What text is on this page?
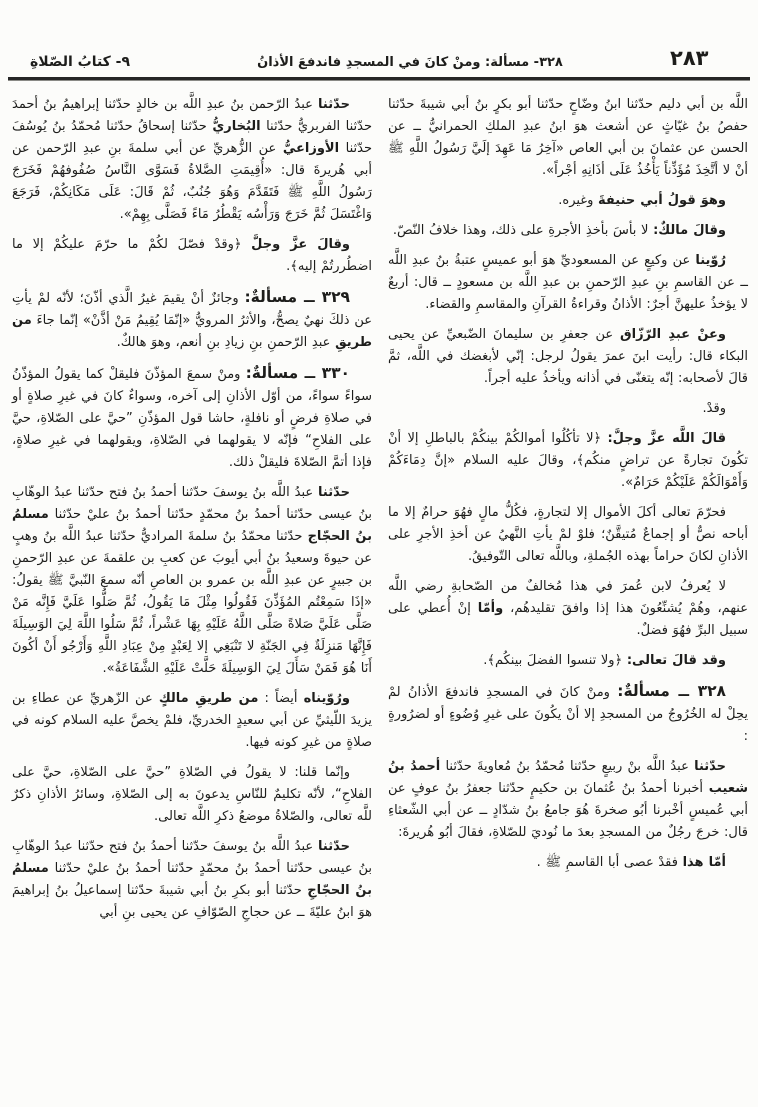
٢٨٣
٣٢٨- مسألة: ومنْ كانَ في المسجدِ فاندفعَ الأذانُ
٩- كتابُ الصّلاةِ

اللَّه بن أبي دليم حدّثنا ابنُ وضّاحٍ حدّثنا أبو بكرٍ بنُ أبي شيبةَ حدّثنا حفصُ بنُ غيّاثٍ عن أشعث هوَ ابنُ عبدِ الملكِ الحمرانيُّ ــ عن الحسن عن عثمانَ بن أبي العاص «آخِرُ مَا عَهِدَ إلَيَّ رَسُولُ اللَّهِ ﷺ أنْ لا أتَّخِذَ مُؤَذِّناً يَأْخُذُ عَلَى أذَانِهِ أجْراً».

وهوَ قولُ أبي حنيفةَ وغيره.

وقالَ مالكٌ: لا بأسَ بأخذِ الأجرةِ على ذلك، وهذا خلافُ النّصّ.

رُوّينا عن وكيعٍ عن المسعوديِّ هوَ أبو عميسٍ عتبةُ بنُ عبدِ اللَّه ــ عن القاسمِ بنِ عبدِ الرّحمنِ بن عبدِ اللَّه بن مسعودٍ ــ قال: أربعٌ لا يؤخذُ عليهنَّ أجرٌ: الأذانُ وقراءةُ القرآنِ والمقاسمِ والقضاء.

وعنْ عبدِ الرّزّاق عن جعفرِ بن سليمانَ الضّبعيِّ عن يحيى البكاء قال: رأيت ابنَ عمرَ يقولُ لرجل: إنّي لأبغضك في اللَّه، ثمَّ قالَ لأصحابه: إنّه يتغنّى في أذانه ويأخذُ عليه أجراً.

وقدْ.

قالَ اللَّه عزَّ وجلَّ: ﴿لا تأكُلُوا أموالكُمْ بينكُمْ بالباطلِ إلا أنْ تكُونَ تجارةً عن تراضٍ منكُم﴾، وقالَ عليه السلام «إنَّ دِمَاءَكُمْ وَأَمْوَالَكُمْ عَلَيْكُمْ حَرَامٌ».

فحرّمَ تعالى أكلَ الأموال إلا لتجارةٍ، فكُلُّ مالٍ فهُوَ حرامٌ إلا ما أباحه نصٌّ أو إجماعٌ مُتيقَّنٌ؛ فلوْ لمْ يأتِ النَّهيُ عن أخذِ الأجرِ على الأذانِ لكانَ حراماً بهذه الجُملةِ، وباللَّه تعالى التّوفيقُ.

لا يُعرفُ لابن عُمرَ في هذا مُخالفٌ من الصّحابةِ رضي اللَّه عنهم، وهُمْ يُشنِّعُونَ هذا إذا وافقَ تقليدهُم، وأمّا إنْ أُعطي على سبيل البرِّ فهُوَ فضلٌ.

وقد قالَ تعالى: ﴿ولا تنسوا الفضلَ بينكُم﴾.

٣٢٨ ــ مسألةٌ: ومنْ كانَ في المسجدِ فاندفعَ الأذانُ لمْ يحِلْ له الخُرُوجُ من المسجدِ إلا أنْ يكُونَ على غيرِ وُضُوءٍ أو لضرُورةٍ :

حدّثنا عبدُ اللَّه بنْ ربيعٍ حدّثنا مُحمّدُ بنُ مُعاويةَ حدّثنا أحمدُ بنُ شعيب أخبرنا أحمدُ بنُ عُثمانَ بن حكيمٍ حدّثنا جعفرُ بنُ عوفٍ عن أبي عُميسٍ أخْبرنا أبُو صخرةَ هُوَ جامعُ بنُ شدّادٍ ــ عن أبي الشّعثاءِ قال: خرجَ رجُلٌ من المسجدِ بعدَ ما نُوديَ للصّلاةِ، فقالَ أبُو هُريرةَ:

أمّا هذا فقدْ عصى أبا القاسمِ ﷺ .

حدّثنا عبدُ الرّحمن بنُ عبدِ اللَّه بن خالدٍ حدّثنا إبراهيمُ بنُ أحمدَ حدّثنا الفربريُّ حدّثنا البُخاريُّ حدّثنا إسحاقُ حدّثنا مُحمّدُ بنُ يُوسُفَ حدّثنا الأوزاعيُّ عن الزُّهريِّ عن أبي سلمةَ بنِ عبدِ الرّحمن عن أبي هُريرةَ قال: «أُقِيمَتِ الصَّلاةُ فَسَوَّى النَّاسُ صُفُوفهُمْ فَخَرَجَ رَسُولُ اللَّهِ ﷺ فَتَقَدَّمَ وَهُوَ جُنُبٌ، ثُمْ قَالَ: عَلَى مَكَانِكُمْ، فَرَجَعَ وَاغْتَسَلَ ثُمَّ خَرَجَ وَرَأْسُه يَقْطُرُ مَاءً فَصَلَّى بِهِمْ».

وقالَ عزَّ وجلَّ ﴿وقدْ فصّلَ لكُمْ ما حرّمَ عليكُمْ إلا ما اضطُررتُمْ إليه﴾.

٣٢٩ ــ مسألةٌ: وجائزٌ أنْ يقيمَ غيرُ الَّذي أذّنَ؛ لأنّه لمْ يأتِ عن ذلكَ نهيٌ يصحُّ، والأثرُ المرويُّ «إنّمَا يُقِيمُ مَنْ أذَّنْ» إنّما جاءَ من طريقِ عبدِ الرّحمنِ بنِ زيادِ بنِ أنعم، وهوَ هالكٌ.

٣٣٠ ــ مسألةٌ: ومنْ سمعَ المؤذّنَ فليقلْ كما يقولُ المؤذّنُ سواءً سواءً، من أوّل الأذانِ إلى آخره، وسواءٌ كانَ في غيرِ صلاةٍ أو في صلاةِ فرضٍ أو نافلةٍ، حاشا قول المؤذّنِ ”حيَّ على الصّلاةِ، حيَّ على الفلاحِ“ فإنّه لا يقولهما في الصّلاةِ، ويقولهما في غيرِ صلاةٍ، فإذا أتمَّ الصّلاةَ فليقلْ ذلك.

حدّثنا عبدُ اللَّه بنُ يوسفَ حدّثنا أحمدُ بنُ فتح حدّثنا عبدُ الوهّابِ بنُ عيسى حدّثنا أحمدُ بنُ محمّدٍ حدّثنا أحمدُ بنُ عليْ حدّثنا مسلمُ بنُ الحجّاج حدّثنا محمّدُ بنُ سلمةَ المراديُّ حدّثنا عبدُ اللَّه بنُ وهبٍ عن حيوةَ وسعيدُ بنُ أبي أيوبَ عن كعبِ بن علقمةَ عن عبدِ الرّحمنِ بن جبيرٍ عن عبدِ اللَّه بن عمرو بن العاصِ أنّه سمعَ النّبيَّ ﷺ يقولُ: «إذَا سَمِعْتُم المُؤَذِّنَ فَقُولُوا مِثْلَ مَا يَقُولُ، ثُمَّ صَلُّوا عَلَيَّ فَإِنَّه مَنْ صَلَّى عَلَيَّ صَلاةً صَلَّى اللَّهُ عَلَيْهِ بِهَا عَشْراً، ثُمَّ سَلُوا اللَّهَ لِيَ الوَسِيلَةَ فَإِنَّهَا مَنزِلَةٌ فِي الجَنّةِ لا تَنْبَغِي إلا لِعَبْدٍ مِنْ عِبَادِ اللَّهِ وَأَرْجُو أَنْ أكُونَ أَنَا هُوَ فَمَنْ سَأَلَ لِيَ الوَسِيلَةَ حَلَّتْ عَلَيْهِ الشَّفَاعَةُ».

ورُوّيناه أيضاً : من طريقِ مالكٍ عن الزّهريِّ عن عطاءِ بن يزيدَ اللّيثيِّ عن أبي سعيدٍ الخدريِّ، فلمْ يخصَّ عليه السلام كونه في صلاةٍ من غيرِ كونه فيها.

وإنّما قلنا: لا يقولُ في الصّلاةِ ”حيَّ على الصّلاةِ، حيَّ على الفلاحِ“، لأنّه تكليمٌ للنّاسِ يدعونَ به إلى الصّلاةِ، وسائرُ الأذانِ ذكرٌ للَّه تعالى، والصّلاةُ موضعُ ذكرِ اللَّه تعالى.

حدّثنا عبدُ اللَّه بنُ يوسفَ حدّثنا أحمدُ بنُ فتح حدّثنا عبدُ الوهّابِ بنُ عيسى حدّثنا أحمدُ بنُ محمّدٍ حدّثنا أحمدُ بنُ عليْ حدّثنا مسلمُ بنُ الحجّاجِ حدّثنا أبو بكرِ بنُ أبي شيبةَ حدّثنا إسماعيلُ بنُ إبراهيمَ هوَ ابنُ عليّةَ ــ عن حجاجِ الصّوّافِ عن يحيى بنِ أبي
